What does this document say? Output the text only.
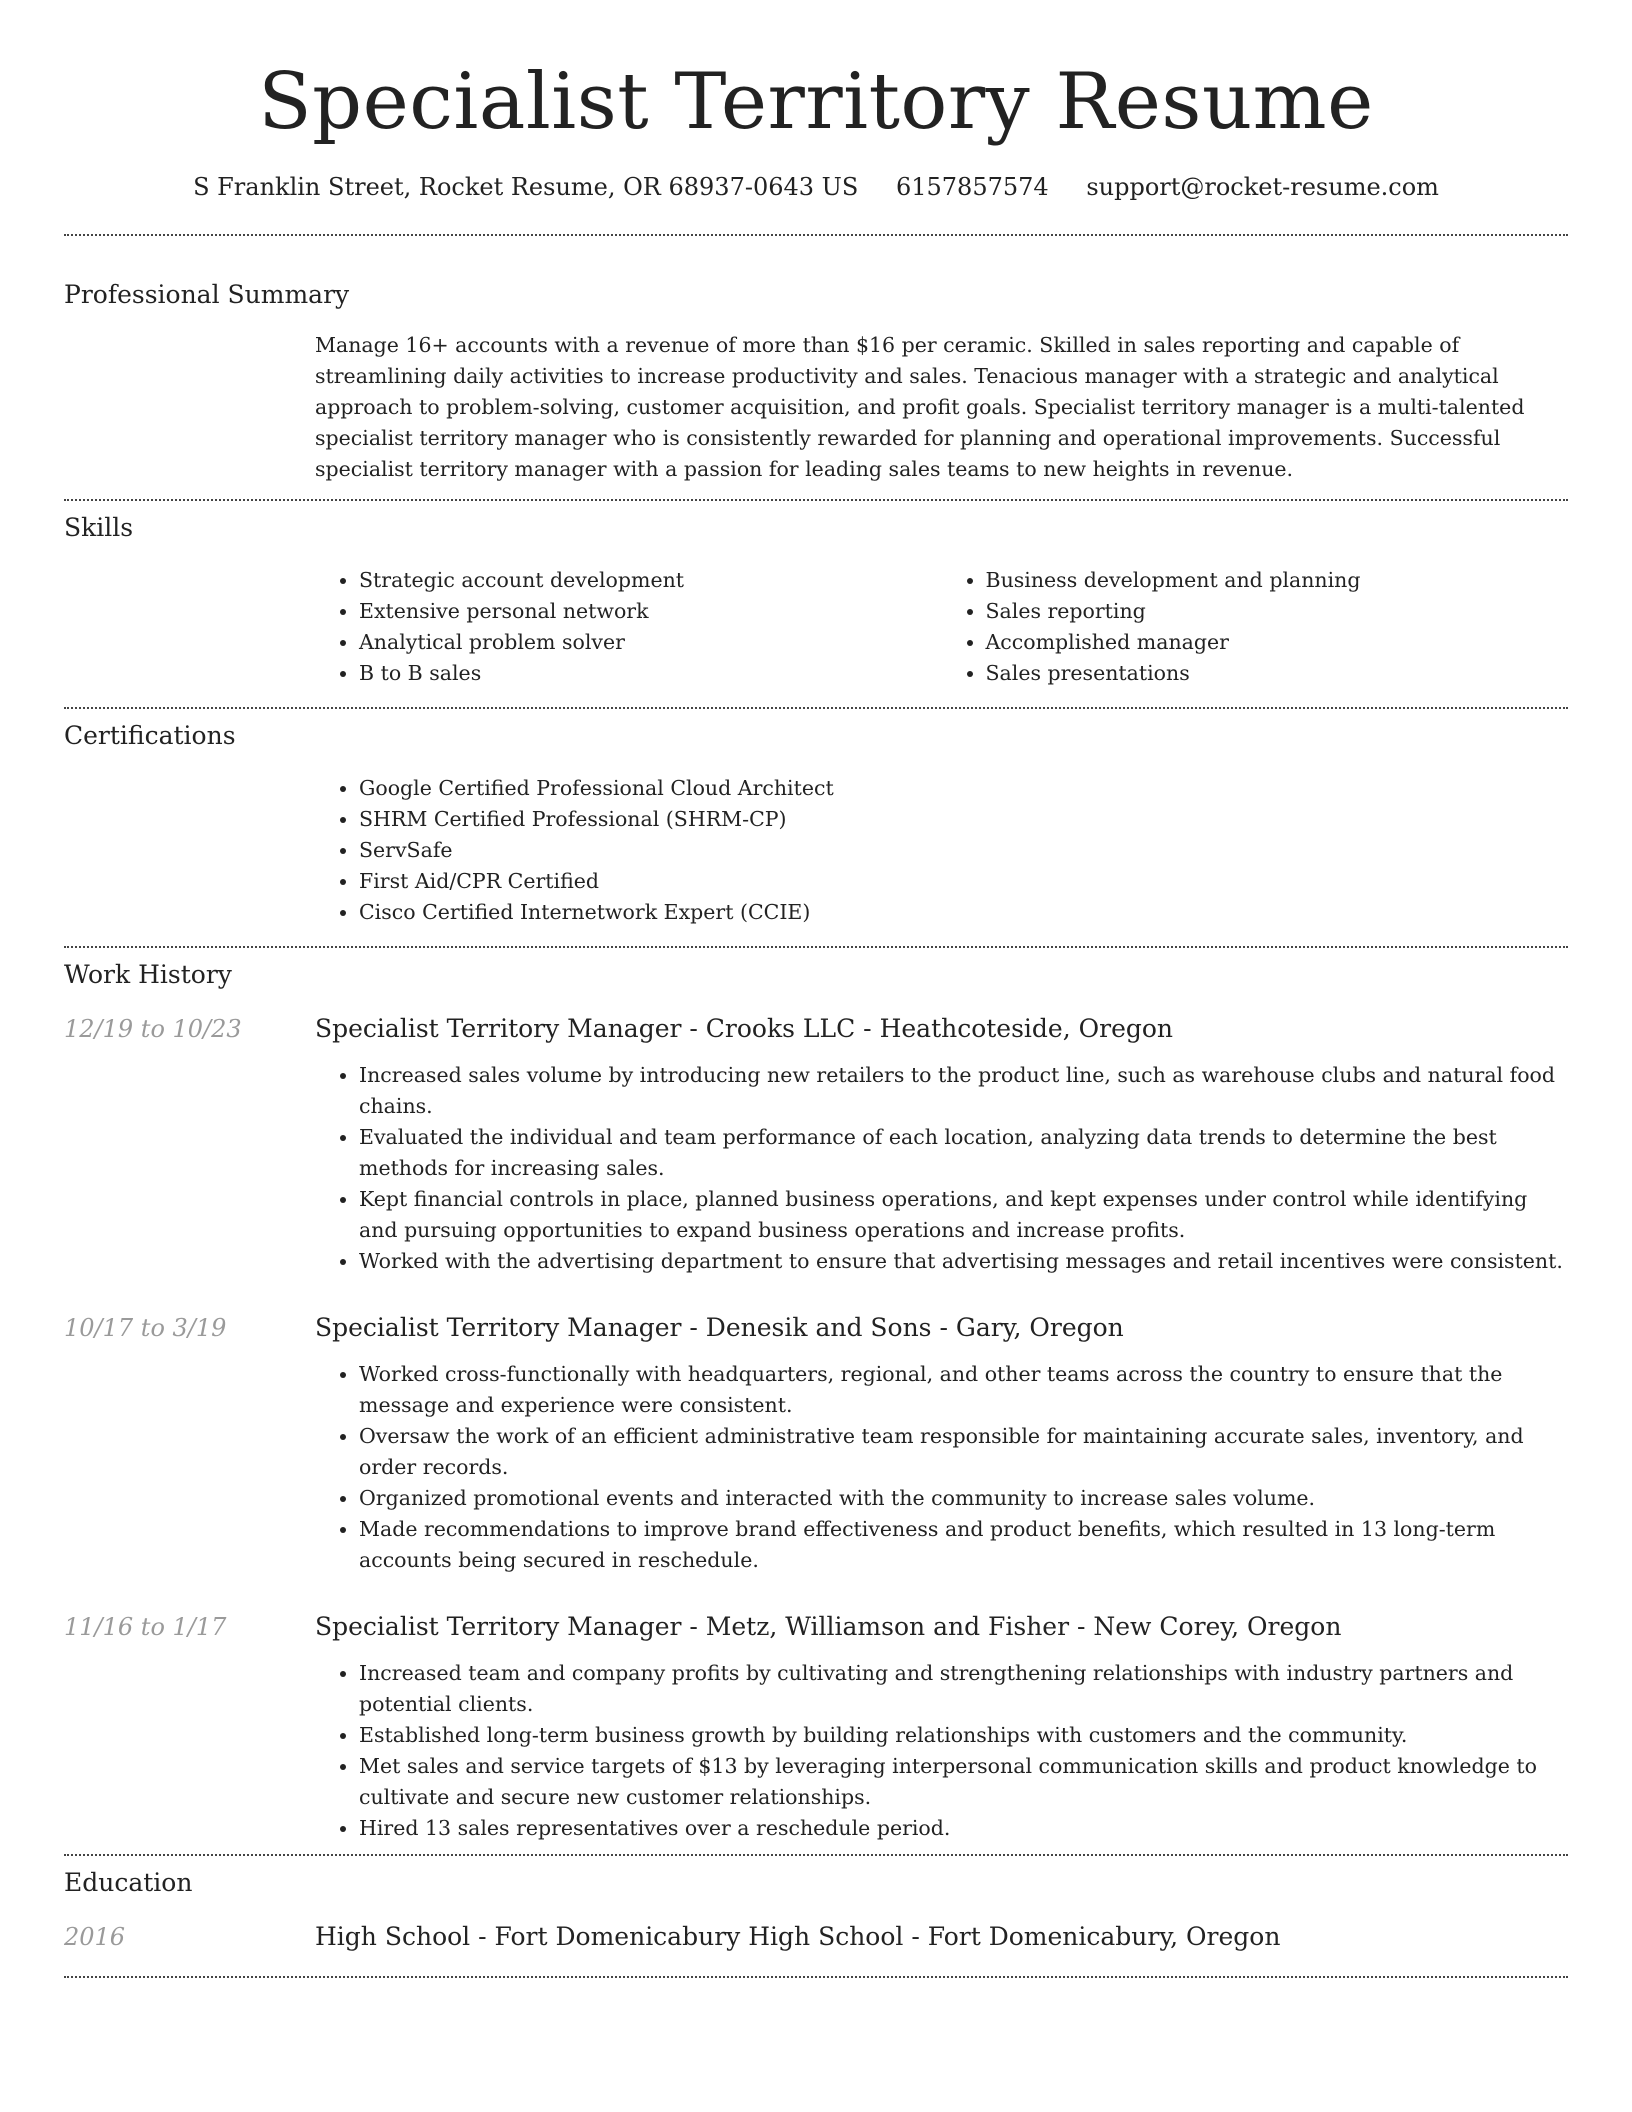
Specialist Territory Resume
S Franklin Street, Rocket Resume, OR 68937-0643 US 6157857574 support@rocket-resume.com
Professional Summary
Manage 16+ accounts with a revenue of more than $16 per ceramic. Skilled in sales reporting and capable of streamlining daily activities to increase productivity and sales. Tenacious manager with a strategic and analytical approach to problem-solving, customer acquisition, and profit goals. Specialist territory manager is a multi-talented specialist territory manager who is consistently rewarded for planning and operational improvements. Successful specialist territory manager with a passion for leading sales teams to new heights in revenue.
Skills
• Strategic account development
• Extensive personal network
• Analytical problem solver
• B to B sales
• Business development and planning
• Sales reporting
• Accomplished manager
• Sales presentations
Certifications
• Google Certified Professional Cloud Architect
• SHRM Certified Professional (SHRM-CP)
• ServSafe
• First Aid/CPR Certified
• Cisco Certified Internetwork Expert (CCIE)
Work History
12/19 to 10/23	Specialist Territory Manager - Crooks LLC - Heathcoteside, Oregon
• Increased sales volume by introducing new retailers to the product line, such as warehouse clubs and natural food chains.
• Evaluated the individual and team performance of each location, analyzing data trends to determine the best methods for increasing sales.
• Kept financial controls in place, planned business operations, and kept expenses under control while identifying and pursuing opportunities to expand business operations and increase profits.
• Worked with the advertising department to ensure that advertising messages and retail incentives were consistent.
10/17 to 3/19	Specialist Territory Manager - Denesik and Sons - Gary, Oregon
• Worked cross-functionally with headquarters, regional, and other teams across the country to ensure that the message and experience were consistent.
• Oversaw the work of an efficient administrative team responsible for maintaining accurate sales, inventory, and order records.
• Organized promotional events and interacted with the community to increase sales volume.
• Made recommendations to improve brand effectiveness and product benefits, which resulted in 13 long-term accounts being secured in reschedule.
11/16 to 1/17	Specialist Territory Manager - Metz, Williamson and Fisher - New Corey, Oregon
• Increased team and company profits by cultivating and strengthening relationships with industry partners and potential clients.
• Established long-term business growth by building relationships with customers and the community.
• Met sales and service targets of $13 by leveraging interpersonal communication skills and product knowledge to cultivate and secure new customer relationships.
• Hired 13 sales representatives over a reschedule period.
Education
2016	High School - Fort Domenicabury High School - Fort Domenicabury, Oregon
